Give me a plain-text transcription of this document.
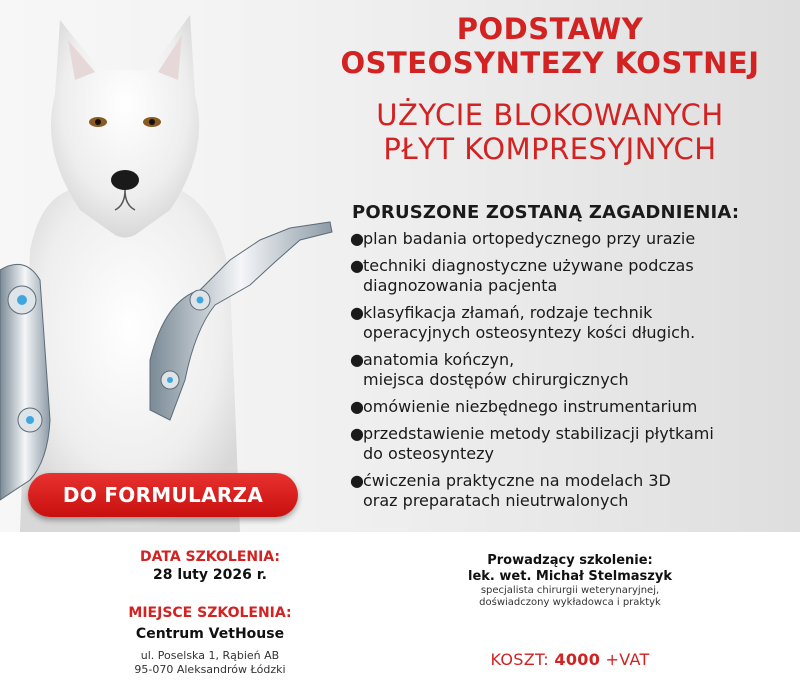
PODSTAWY
OSTEOSYNTEZY KOSTNEJ
UŻYCIE BLOKOWANYCH
PŁYT KOMPRESYJNYCH
PORUSZONE ZOSTANĄ ZAGADNIENIA:
● plan badania ortopedycznego przy urazie
● techniki diagnostyczne używane podczas
diagnozowania pacjenta
● klasyfikacja złamań, rodzaje technik
operacyjnych osteosyntezy kości długich.
● anatomia kończyn,
miejsca dostępów chirurgicznych
● omówienie niezbędnego instrumentarium
● przedstawienie metody stabilizacji płytkami
do osteosyntezy
● ćwiczenia praktyczne na modelach 3D
oraz preparatach nieutrwalonych
DO FORMULARZA
DATA SZKOLENIA:
28 luty 2026 r.
MIEJSCE SZKOLENIA:
Centrum VetHouse
ul. Poselska 1, Rąbień AB
95-070 Aleksandrów Łódzki
Prowadzący szkolenie:
lek. wet. Michał Stelmaszyk
specjalista chirurgii weterynaryjnej,
doświadczony wykładowca i praktyk
KOSZT: 4000 +VAT
